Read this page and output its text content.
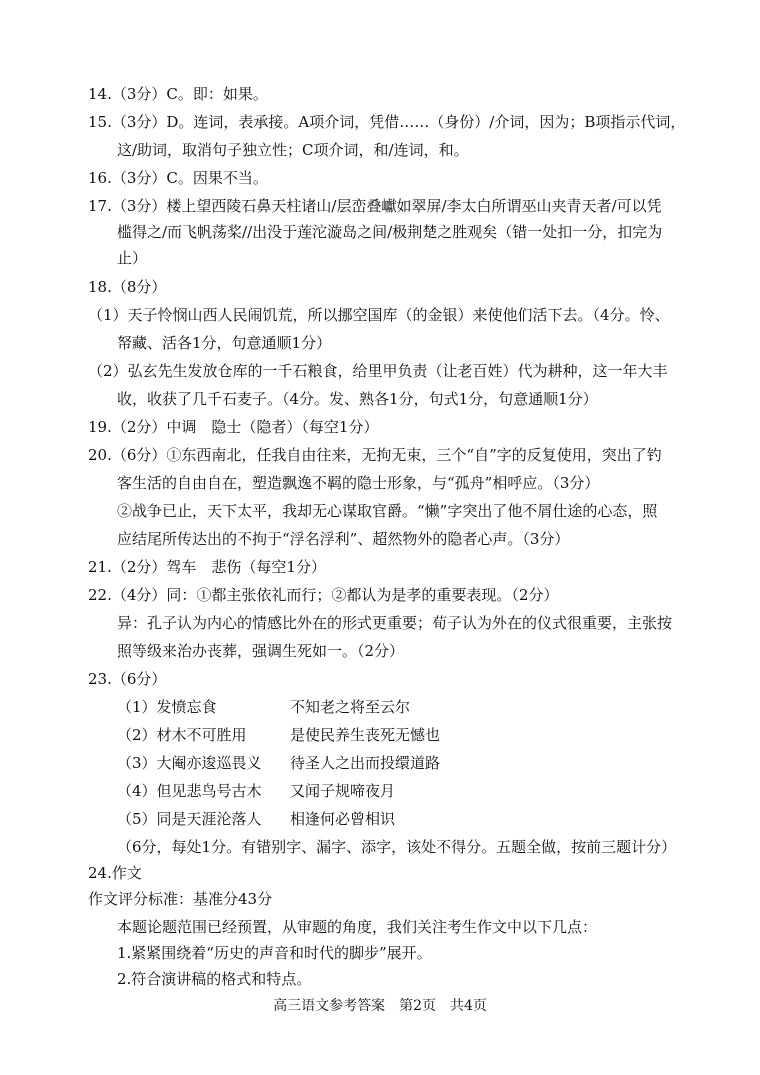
14.（3分）C。即：如果。
15.（3分）D。连词，表承接。A项介词，凭借……（身份）/介词，因为；B项指示代词，
这/助词，取消句子独立性；C项介词，和/连词，和。
16.（3分）C。因果不当。
17.（3分）楼上望西陵石鼻天柱诸山/层峦叠巘如翠屏/李太白所谓巫山夹青天者/可以凭
槛得之/而飞帆荡桨//出没于莲沱漩岛之间/极荆楚之胜观矣（错一处扣一分，扣完为
止）
18.（8分）
（1）天子怜悯山西人民闹饥荒，所以挪空国库（的金银）来使他们活下去。（4分。怜、
帑藏、活各1分，句意通顺1分）
（2）弘玄先生发放仓库的一千石粮食，给里甲负责（让老百姓）代为耕种，这一年大丰
收，收获了几千石麦子。（4分。发、熟各1分，句式1分，句意通顺1分）
19.（2分）中调　隐士（隐者）（每空1分）
20.（6分）①东西南北，任我自由往来，无拘无束，三个“自”字的反复使用，突出了钓
客生活的自由自在，塑造飘逸不羁的隐士形象，与“孤舟”相呼应。（3分）
②战争已止，天下太平，我却无心谋取官爵。“懒”字突出了他不屑仕途的心态，照
应结尾所传达出的不拘于“浮名浮利”、超然物外的隐者心声。（3分）
21.（2分）驾车　悲伤（每空1分）
22.（4分）同：①都主张依礼而行；②都认为是孝的重要表现。（2分）
异：孔子认为内心的情感比外在的形式更重要；荀子认为外在的仪式很重要，主张按
照等级来治办丧葬，强调生死如一。（2分）
23.（6分）
（1）发愤忘食	不知老之将至云尔
（2）材木不可胜用	是使民养生丧死无憾也
（3）大阉亦逡巡畏义 待圣人之出而投缳道路
（4）但见悲鸟号古木 又闻子规啼夜月
（5）同是天涯沦落人 相逢何必曾相识
（6分，每处1分。有错别字、漏字、添字，该处不得分。五题全做，按前三题计分）
24.作文
作文评分标准：基准分43分
本题论题范围已经预置，从审题的角度，我们关注考生作文中以下几点：
1.紧紧围绕着“历史的声音和时代的脚步”展开。
2.符合演讲稿的格式和特点。
高三语文参考答案　第2页　共4页
